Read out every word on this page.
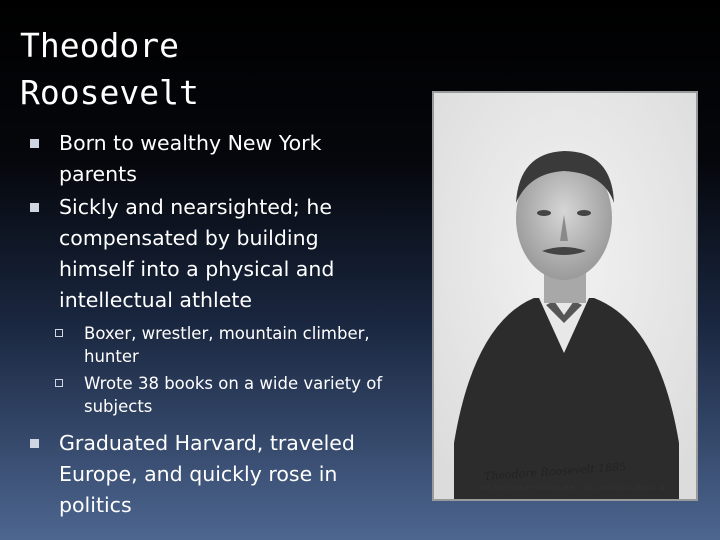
Theodore
Roosevelt
Born to wealthy New York parents
Sickly and nearsighted; he compensated by building himself into a physical and intellectual athlete
Boxer, wrestler, mountain climber, hunter
Wrote 38 books on a wide variety of subjects
Graduated Harvard, traveled Europe, and quickly rose in politics
Theodore Roosevelt 1885
THE NOTMAN PHOTOGRAPHIC CO. LIMITED ALBANY, N.Y.
